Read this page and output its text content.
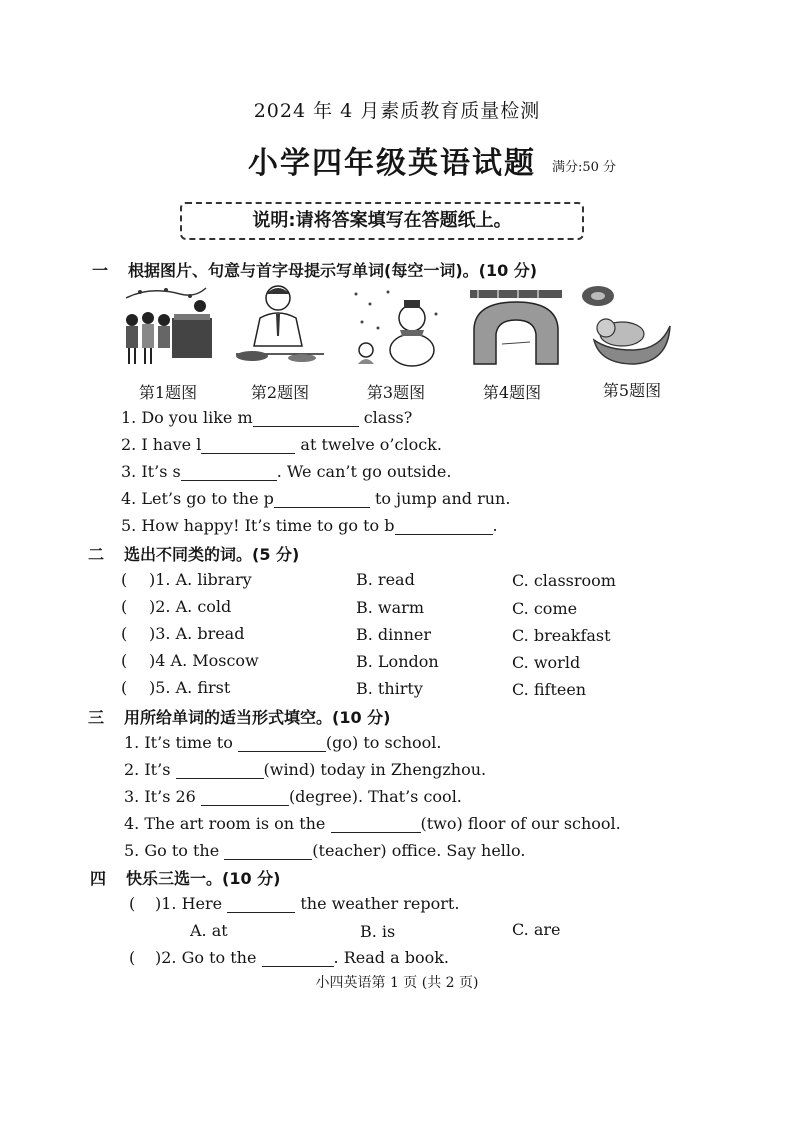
2024 年 4 月素质教育质量检测
小学四年级英语试题 满分:50 分
说明:请将答案填写在答题纸上。
一 根据图片、句意与首字母提示写单词(每空一词)。(10 分)
第1题图	第2题图	第3题图	第4题图	第5题图
1. Do you like m	class?
2. I have l	at twelve o’clock.
3. It’s s	. We can’t go outside.
4. Let’s go to the p	to jump and run.
5. How happy! It’s time to go to b	.
二 选出不同类的词。(5 分)
( )1. A. library	B. read	C. classroom
( )2. A. cold	B. warm	C. come
( )3. A. bread	B. dinner	C. breakfast
( )4 A. Moscow	B. London	C. world
( )5. A. first	B. thirty	C. fifteen
三 用所给单词的适当形式填空。(10 分)
1. It’s time to	(go) to school.
2. It’s	(wind) today in Zhengzhou.
3. It’s 26	(degree). That’s cool.
4. The art room is on the	(two) floor of our school.
5. Go to the	(teacher) office. Say hello.
四 快乐三选一。(10 分)
( )1. Here	the weather report.
A. at	B. is	C. are
( )2. Go to the	. Read a book.
小四英语第 1 页 (共 2 页)
